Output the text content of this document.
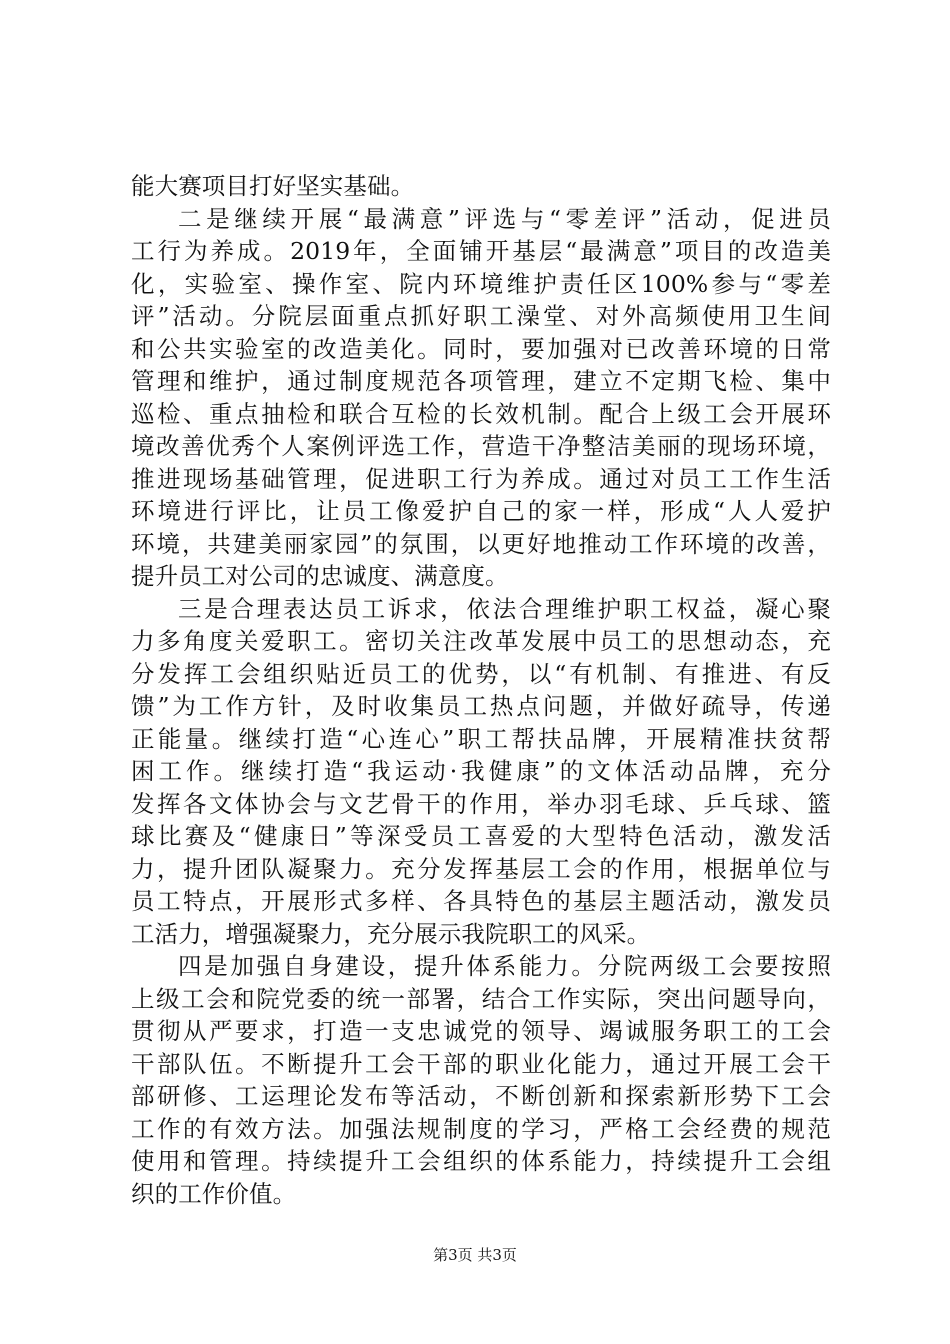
能大赛项目打好坚实基础。
二是继续开展“最满意”评选与“零差评”活动，促进员
工行为养成。2019年，全面铺开基层“最满意”项目的改造美
化，实验室、操作室、院内环境维护责任区100%参与“零差
评”活动。分院层面重点抓好职工澡堂、对外高频使用卫生间
和公共实验室的改造美化。同时，要加强对已改善环境的日常
管理和维护，通过制度规范各项管理，建立不定期飞检、集中
巡检、重点抽检和联合互检的长效机制。配合上级工会开展环
境改善优秀个人案例评选工作，营造干净整洁美丽的现场环境，
推进现场基础管理，促进职工行为养成。通过对员工工作生活
环境进行评比，让员工像爱护自己的家一样，形成“人人爱护
环境，共建美丽家园”的氛围，以更好地推动工作环境的改善，
提升员工对公司的忠诚度、满意度。
三是合理表达员工诉求，依法合理维护职工权益，凝心聚
力多角度关爱职工。密切关注改革发展中员工的思想动态，充
分发挥工会组织贴近员工的优势，以“有机制、有推进、有反
馈”为工作方针，及时收集员工热点问题，并做好疏导，传递
正能量。继续打造“心连心”职工帮扶品牌，开展精准扶贫帮
困工作。继续打造“我运动·我健康”的文体活动品牌，充分
发挥各文体协会与文艺骨干的作用，举办羽毛球、乒乓球、篮
球比赛及“健康日”等深受员工喜爱的大型特色活动，激发活
力，提升团队凝聚力。充分发挥基层工会的作用，根据单位与
员工特点，开展形式多样、各具特色的基层主题活动，激发员
工活力，增强凝聚力，充分展示我院职工的风采。
四是加强自身建设，提升体系能力。分院两级工会要按照
上级工会和院党委的统一部署，结合工作实际，突出问题导向，
贯彻从严要求，打造一支忠诚党的领导、竭诚服务职工的工会
干部队伍。不断提升工会干部的职业化能力，通过开展工会干
部研修、工运理论发布等活动，不断创新和探索新形势下工会
工作的有效方法。加强法规制度的学习，严格工会经费的规范
使用和管理。持续提升工会组织的体系能力，持续提升工会组
织的工作价值。
第3页 共3页
